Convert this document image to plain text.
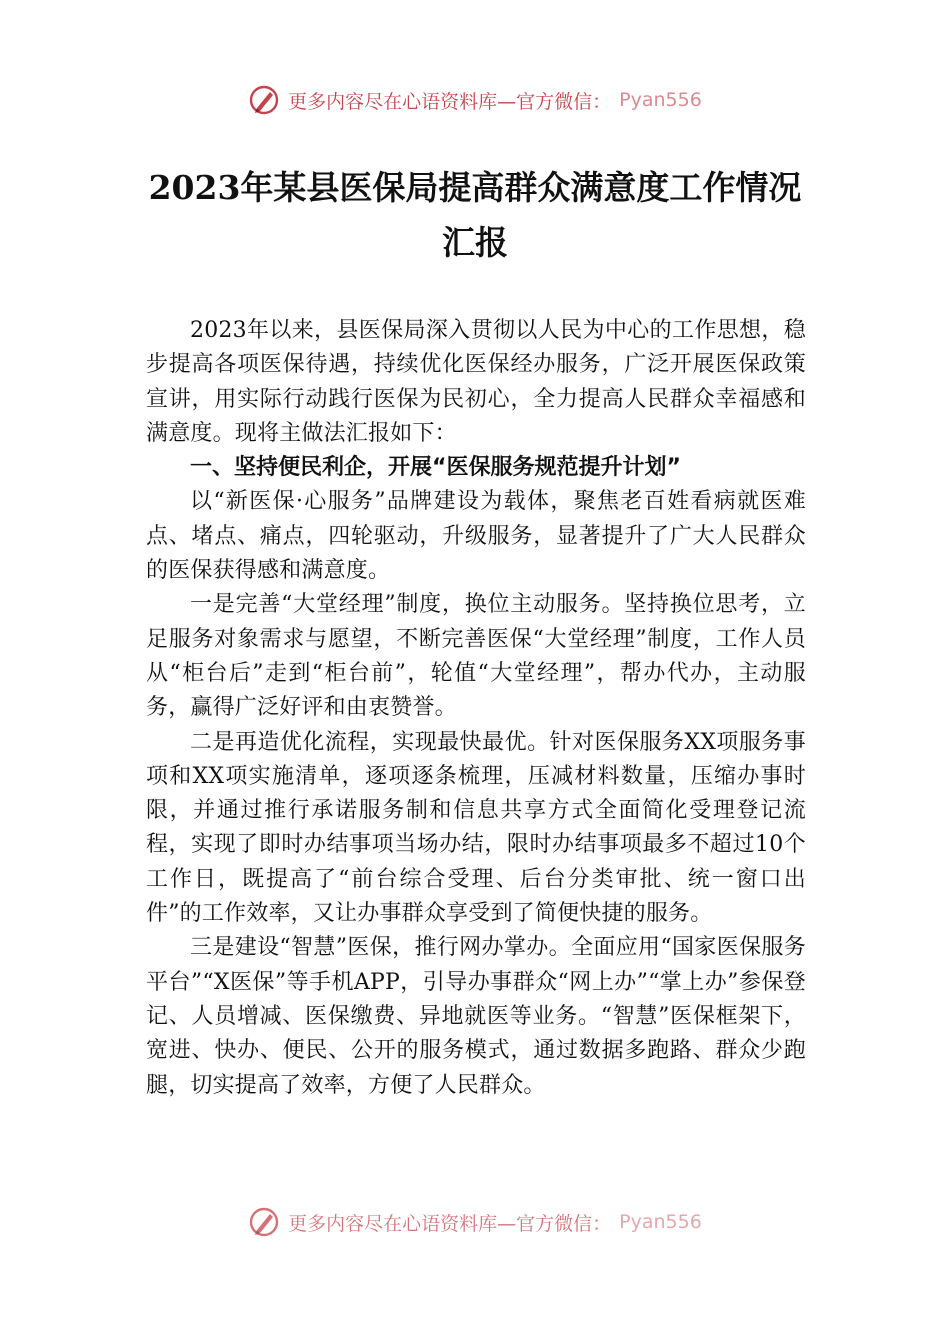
更多内容尽在心语资料库—官方微信： Pyan556
2023年某县医保局提高群众满意度工作情况汇报

2023年以来，县医保局深入贯彻以人民为中心的工作思想，稳步提高各项医保待遇，持续优化医保经办服务，广泛开展医保政策宣讲，用实际行动践行医保为民初心，全力提高人民群众幸福感和满意度。现将主做法汇报如下：

一、坚持便民利企，开展“医保服务规范提升计划”

以“新医保·心服务”品牌建设为载体，聚焦老百姓看病就医难点、堵点、痛点，四轮驱动，升级服务，显著提升了广大人民群众的医保获得感和满意度。

一是完善“大堂经理”制度，换位主动服务。坚持换位思考，立足服务对象需求与愿望，不断完善医保“大堂经理”制度，工作人员从“柜台后”走到“柜台前”，轮值“大堂经理”，帮办代办，主动服务，赢得广泛好评和由衷赞誉。

二是再造优化流程，实现最快最优。针对医保服务XX项服务事项和XX项实施清单，逐项逐条梳理，压减材料数量，压缩办事时限，并通过推行承诺服务制和信息共享方式全面简化受理登记流程，实现了即时办结事项当场办结，限时办结事项最多不超过10个工作日，既提高了“前台综合受理、后台分类审批、统一窗口出件”的工作效率，又让办事群众享受到了简便快捷的服务。

三是建设“智慧”医保，推行网办掌办。全面应用“国家医保服务平台”“X医保”等手机APP，引导办事群众“网上办”“掌上办”参保登记、人员增减、医保缴费、异地就医等业务。“智慧”医保框架下，宽进、快办、便民、公开的服务模式，通过数据多跑路、群众少跑腿，切实提高了效率，方便了人民群众。

更多内容尽在心语资料库—官方微信： Pyan556
